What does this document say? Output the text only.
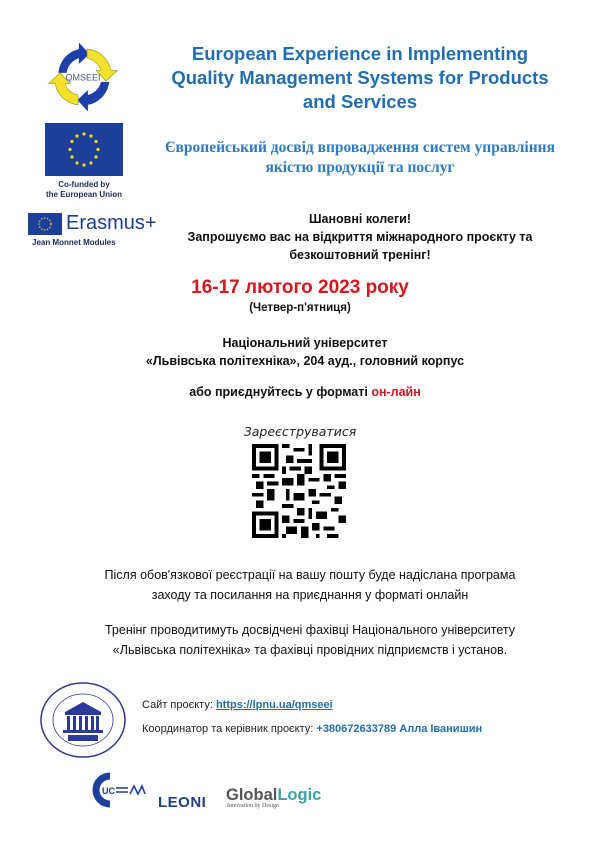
QMSEEI
European Experience in Implementing
Quality Management Systems for Products
and Services
Co-funded by
the European Union
Європейський досвід впровадження систем управління
якістю продукції та послуг
Erasmus+
Jean Monnet Modules
Шановні колеги!
Запрошуємо вас на відкриття міжнародного проєкту та
безкоштовний тренінг!
16-17 лютого 2023 року
(Четвер-п'ятниця)
Національний університет
«Львівська політехніка», 204 ауд., головний корпус
або приєднуйтесь у форматі он-лайн
Зареєструватися
Після обов'язкової реєстрації на вашу пошту буде надіслана програма
заходу та посилання на приєднання у форматі онлайн
Тренінг проводитимуть досвідчені фахівці Національного університету
«Львівська політехніка» та фахівці провідних підприємств і установ.
Сайт проєкту: https://lpnu.ua/qmseei
Координатор та керівник проєкту: +380672633789 Алла Іванишин
UC
LEONI GlobalLogic
Innovation by Design
